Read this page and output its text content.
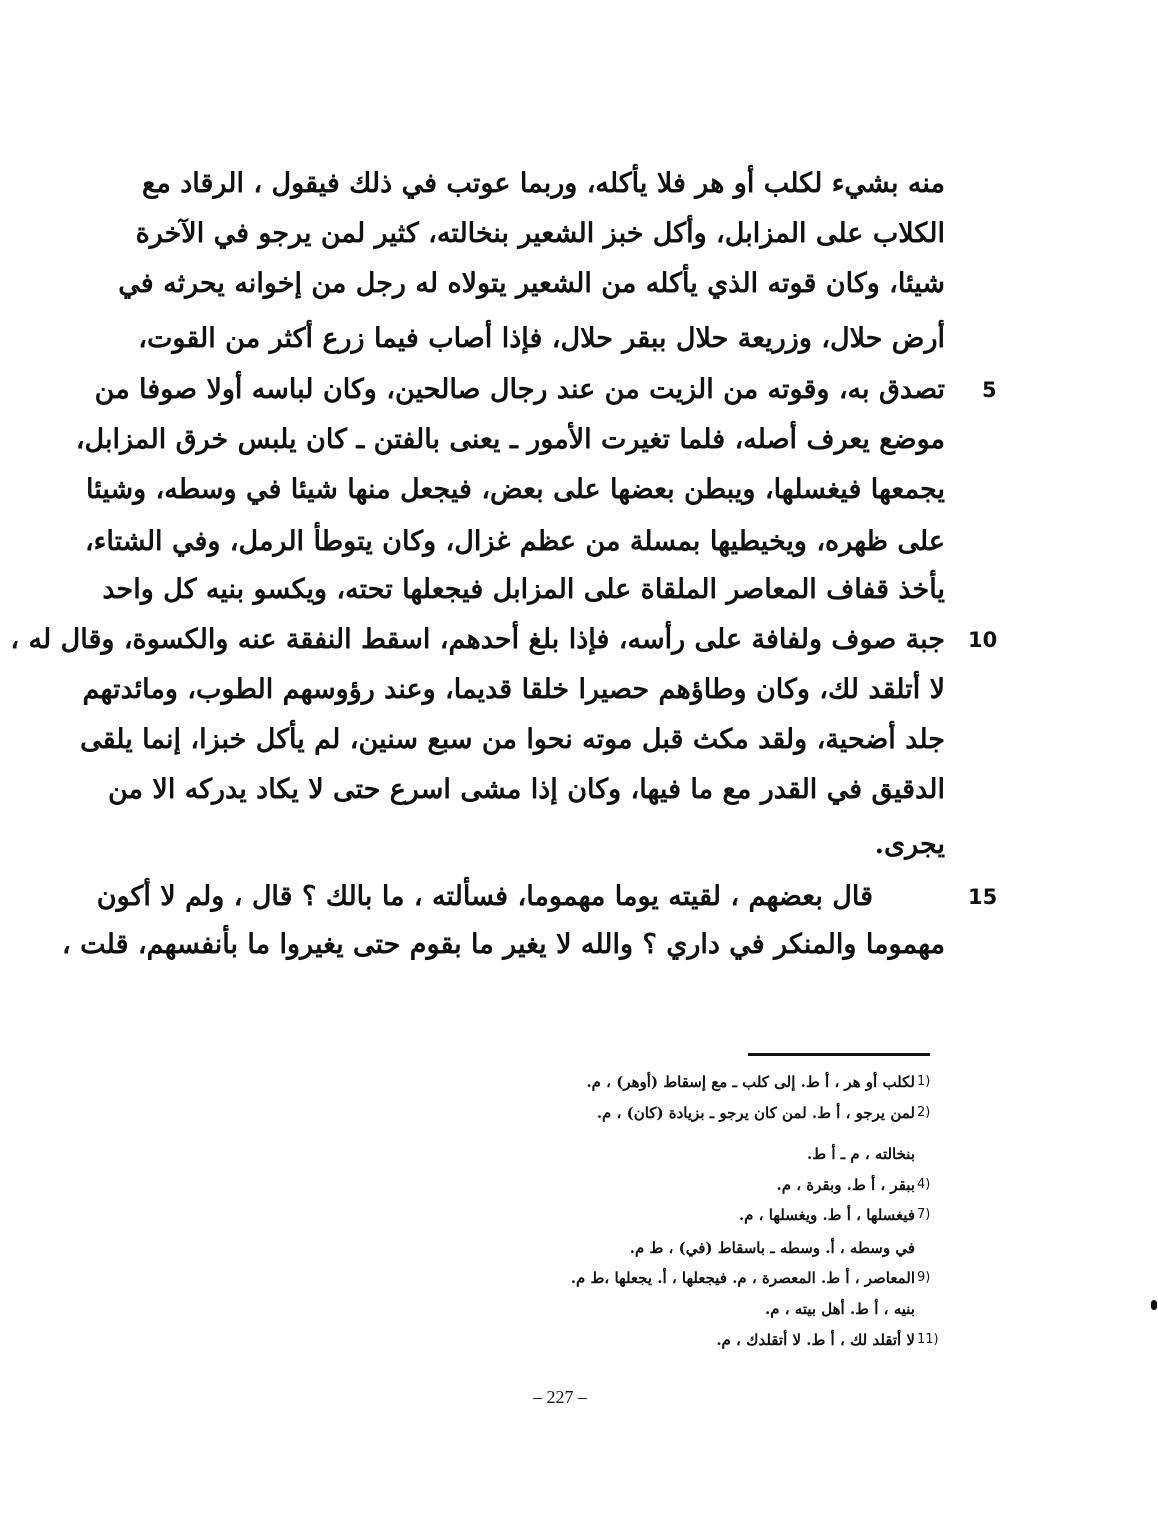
منه بشيء لكلب أو هر فلا يأكله، وربما عوتب في ذلك فيقول ، الرقاد مع
الكلاب على المزابل، وأكل خبز الشعير بنخالته، كثير لمن يرجو في الآخرة
شيئا، وكان قوته الذي يأكله من الشعير يتولاه له رجل من إخوانه يحرثه في
أرض حلال، وزريعة حلال ببقر حلال، فإذا أصاب فيما زرع أكثر من القوت،
تصدق به، وقوته من الزيت من عند رجال صالحين، وكان لباسه أولا صوفا من
موضع يعرف أصله، فلما تغيرت الأمور ـ يعنى بالفتن ـ كان يلبس خرق المزابل،
يجمعها فيغسلها، ويبطن بعضها على بعض، فيجعل منها شيئا في وسطه، وشيئا
على ظهره، ويخيطيها بمسلة من عظم غزال، وكان يتوطأ الرمل، وفي الشتاء،
يأخذ قفاف المعاصر الملقاة على المزابل فيجعلها تحته، ويكسو بنيه كل واحد
جبة صوف ولفافة على رأسه، فإذا بلغ أحدهم، اسقط النفقة عنه والكسوة، وقال له ،
لا أتلقد لك، وكان وطاؤهم حصيرا خلقا قديما، وعند رؤوسهم الطوب، ومائدتهم
جلد أضحية، ولقد مكث قبل موته نحوا من سبع سنين، لم يأكل خبزا، إنما يلقى
الدقيق في القدر مع ما فيها، وكان إذا مشى اسرع حتى لا يكاد يدركه الا من
يجرى.
قال بعضهم ، لقيته يوما مهموما، فسألته ، ما بالك ؟ قال ، ولم لا أكون
مهموما والمنكر في داري ؟ والله لا يغير ما بقوم حتى يغيروا ما بأنفسهم، قلت ،
5
10
15
1)
لكلب أو هر ، أ ط. إلى كلب ـ مع إسقاط (أوهر) ، م.
2)
لمن يرجو ، أ ط. لمن كان يرجو ـ بزيادة (كان) ، م.
بنخالته ، م ـ أ ط.
4)
ببقر ، أ ط. وبقرة ، م.
7)
فيغسلها ، أ ط. ويغسلها ، م.
في وسطه ، أ. وسطه ـ باسقاط (في) ، ط م.
9)
المعاصر ، أ ط. المعصرة ، م. فيجعلها ، أ. يجعلها ،ط م.
بنيه ، أ ط. أهل بيته ، م.
11)
لا أتقلد لك ، أ ط. لا أتقلدك ، م.
– 227 –
